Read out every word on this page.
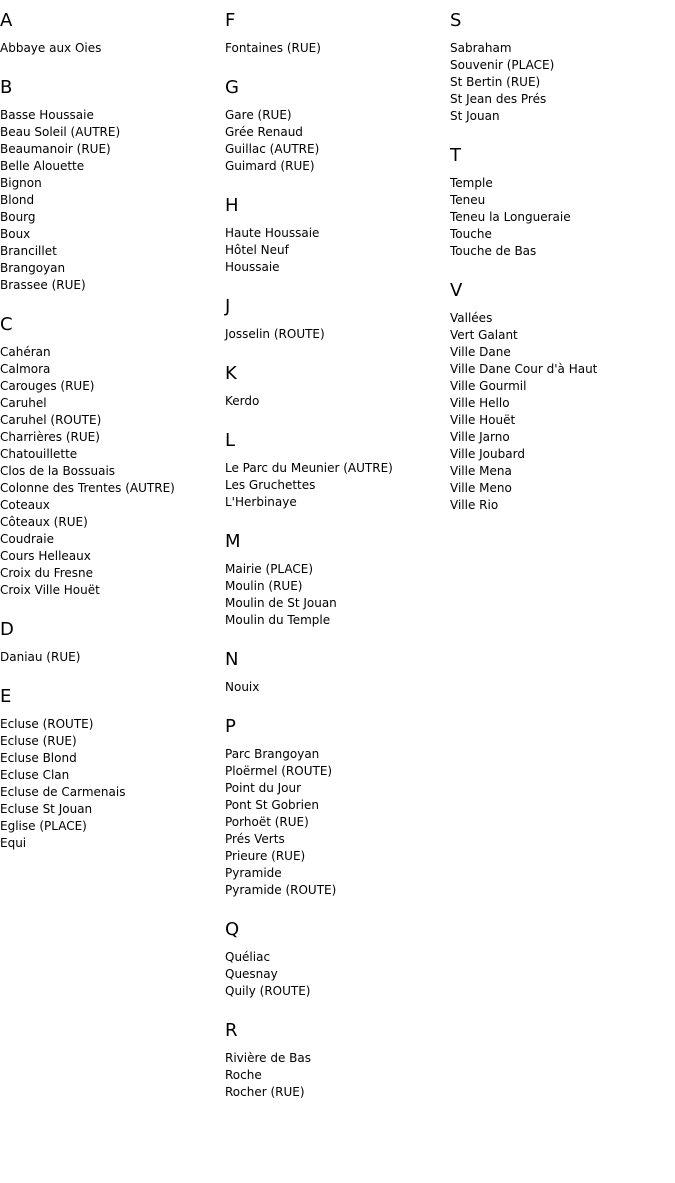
A
Abbaye aux Oies
B
Basse Houssaie
Beau Soleil (AUTRE)
Beaumanoir (RUE)
Belle Alouette
Bignon
Blond
Bourg
Boux
Brancillet
Brangoyan
Brassee (RUE)
C
Cahéran
Calmora
Carouges (RUE)
Caruhel
Caruhel (ROUTE)
Charrières (RUE)
Chatouillette
Clos de la Bossuais
Colonne des Trentes (AUTRE)
Coteaux
Côteaux (RUE)
Coudraie
Cours Helleaux
Croix du Fresne
Croix Ville Houët
D
Daniau (RUE)
E
Ecluse (ROUTE)
Ecluse (RUE)
Ecluse Blond
Ecluse Clan
Ecluse de Carmenais
Ecluse St Jouan
Eglise (PLACE)
Equi
F
Fontaines (RUE)
G
Gare (RUE)
Grée Renaud
Guillac (AUTRE)
Guimard (RUE)
H
Haute Houssaie
Hôtel Neuf
Houssaie
J
Josselin (ROUTE)
K
Kerdo
L
Le Parc du Meunier (AUTRE)
Les Gruchettes
L'Herbinaye
M
Mairie (PLACE)
Moulin (RUE)
Moulin de St Jouan
Moulin du Temple
N
Nouix
P
Parc Brangoyan
Ploërmel (ROUTE)
Point du Jour
Pont St Gobrien
Porhoët (RUE)
Prés Verts
Prieure (RUE)
Pyramide
Pyramide (ROUTE)
Q
Quéliac
Quesnay
Quily (ROUTE)
R
Rivière de Bas
Roche
Rocher (RUE)
S
Sabraham
Souvenir (PLACE)
St Bertin (RUE)
St Jean des Prés
St Jouan
T
Temple
Teneu
Teneu la Longueraie
Touche
Touche de Bas
V
Vallées
Vert Galant
Ville Dane
Ville Dane Cour d'à Haut
Ville Gourmil
Ville Hello
Ville Houët
Ville Jarno
Ville Joubard
Ville Mena
Ville Meno
Ville Rio
